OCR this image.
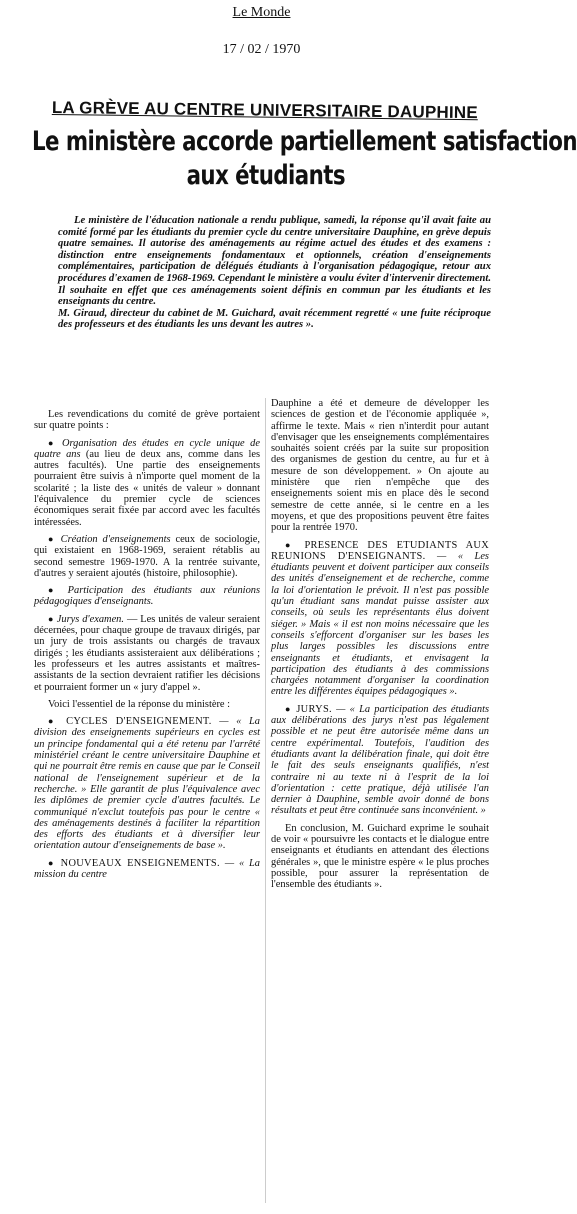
Le Monde
17 / 02 / 1970
LA GRÈVE AU CENTRE UNIVERSITAIRE DAUPHINE
Le ministère accorde partiellement satisfaction
aux étudiants
Le ministère de l'éducation nationale a rendu publique, samedi, la réponse qu'il avait faite au comité formé par les étudiants du premier cycle du centre universitaire Dauphine, en grève depuis quatre semaines. Il autorise des aménagements au régime actuel des études et des examens : distinction entre enseignements fondamentaux et optionnels, création d'enseignements complémentaires, participation de délégués étudiants à l'organisation pédagogique, retour aux procédures d'examen de 1968-1969. Cependant le ministère a voulu éviter d'intervenir directement. Il souhaite en effet que ces aménagements soient définis en commun par les étudiants et les enseignants du centre.
M. Giraud, directeur du cabinet de M. Guichard, avait récemment regretté « une fuite réciproque des professeurs et des étudiants les uns devant les autres ».

Les revendications du comité de grève portaient sur quatre points :

● Organisation des études en cycle unique de quatre ans (au lieu de deux ans, comme dans les autres facultés). Une partie des enseignements pourraient être suivis à n'importe quel moment de la scolarité ; la liste des « unités de valeur » donnant l'équivalence du premier cycle de sciences économiques serait fixée par accord avec les facultés intéressées.

● Création d'enseignements ceux de sociologie, qui existaient en 1968-1969, seraient rétablis au second semestre 1969-1970. A la rentrée suivante, d'autres y seraient ajoutés (histoire, philosophie).

● Participation des étudiants aux réunions pédagogiques d'enseignants.

● Jurys d'examen. — Les unités de valeur seraient décernées, pour chaque groupe de travaux dirigés, par un jury de trois assistants ou chargés de travaux dirigés ; les étudiants assisteraient aux délibérations ; les professeurs et les autres assistants et maîtres-assistants de la section devraient ratifier les décisions et pourraient former un « jury d'appel ».

Voici l'essentiel de la réponse du ministère :

● CYCLES D'ENSEIGNEMENT. — « La division des enseignements supérieurs en cycles est un principe fondamental qui a été retenu par l'arrêté ministériel créant le centre universitaire Dauphine et qui ne pourrait être remis en cause que par le Conseil national de l'enseignement supérieur et de la recherche. » Elle garantit de plus l'équivalence avec les diplômes de premier cycle d'autres facultés. Le communiqué n'exclut toutefois pas pour le centre « des aménagements destinés à faciliter la répartition des efforts des étudiants et à diversifier leur orientation autour d'enseignements de base ».

● NOUVEAUX ENSEIGNEMENTS. — « La mission du centre

Dauphine a été et demeure de développer les sciences de gestion et de l'économie appliquée », affirme le texte. Mais « rien n'interdit pour autant d'envisager que les enseignements complémentaires souhaités soient créés par la suite sur proposition des organismes de gestion du centre, au fur et à mesure de son développement. » On ajoute au ministère que rien n'empêche que des enseignements soient mis en place dès le second semestre de cette année, si le centre en a les moyens, et que des propositions peuvent être faites pour la rentrée 1970.

● PRESENCE DES ETUDIANTS AUX REUNIONS D'ENSEIGNANTS. — « Les étudiants peuvent et doivent participer aux conseils des unités d'enseignement et de recherche, comme la loi d'orientation le prévoit. Il n'est pas possible qu'un étudiant sans mandat puisse assister aux conseils, où seuls les représentants élus doivent siéger. » Mais « il est non moins nécessaire que les conseils s'efforcent d'organiser sur les bases les plus larges possibles les discussions entre enseignants et étudiants, et envisagent la participation des étudiants à des commissions chargées notamment d'organiser la coordination entre les différentes équipes pédagogiques ».

● JURYS. — « La participation des étudiants aux délibérations des jurys n'est pas légalement possible et ne peut être autorisée même dans un centre expérimental. Toutefois, l'audition des étudiants avant la délibération finale, qui doit être le fait des seuls enseignants qualifiés, n'est contraire ni au texte ni à l'esprit de la loi d'orientation : cette pratique, déjà utilisée l'an dernier à Dauphine, semble avoir donné de bons résultats et peut être continuée sans inconvénient. »

En conclusion, M. Guichard exprime le souhait de voir « poursuivre les contacts et le dialogue entre enseignants et étudiants en attendant des élections générales », que le ministre espère « le plus proches possible, pour assurer la représentation de l'ensemble des étudiants ».
